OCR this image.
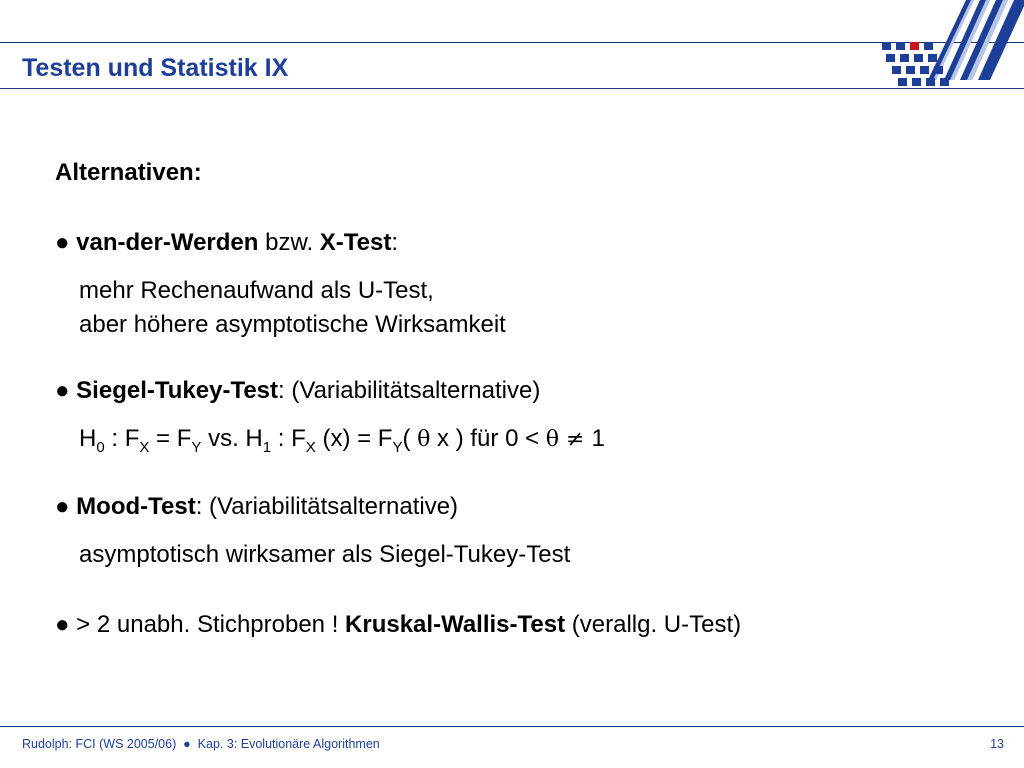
Testen und Statistik IX
Alternativen:
● van-der-Werden bzw. X-Test:
mehr Rechenaufwand als U-Test,
aber höhere asymptotische Wirksamkeit
● Siegel-Tukey-Test: (Variabilitätsalternative)
$H_0$ : $F_X = F_Y$ vs. $H_1$ : $F_X$ $(x) = F_Y$( θ x ) für 0 < θ ≠ 1
● Mood-Test: (Variabilitätsalternative)
asymptotisch wirksamer als Siegel-Tukey-Test
● > 2 unabh. Stichproben ! Kruskal-Wallis-Test (verallg. U-Test)
Rudolph: FCI (WS 2005/06)  ●  Kap. 3: Evolutionäre Algorithmen	13
